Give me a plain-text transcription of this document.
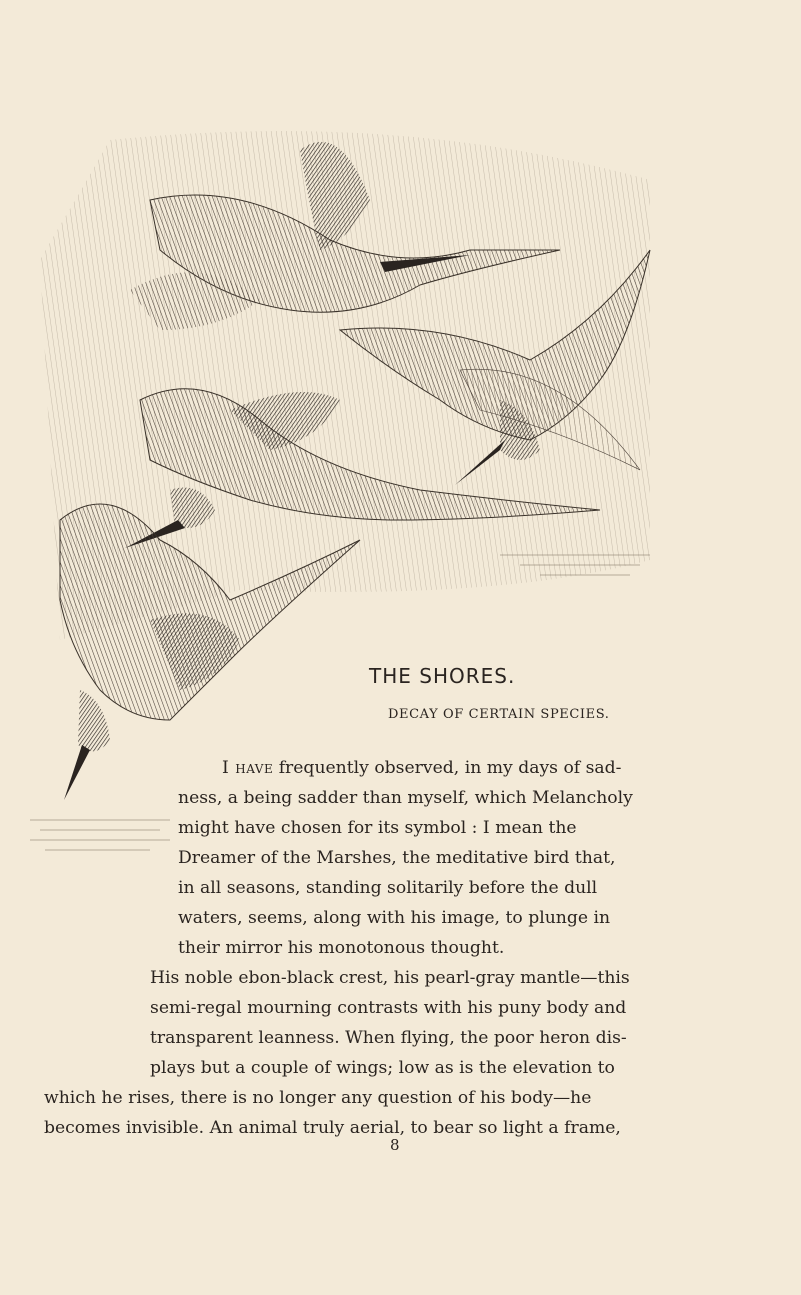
THE SHORES.
DECAY OF CERTAIN SPECIES.
I have frequently observed, in my days of sad-
ness, a being sadder than myself, which Melancholy
might have chosen for its symbol : I mean the
Dreamer of the Marshes, the meditative bird that,
in all seasons, standing solitarily before the dull
waters, seems, along with his image, to plunge in
their mirror his monotonous thought.
His noble ebon-black crest, his pearl-gray mantle—this
semi-regal mourning contrasts with his puny body and
transparent leanness. When flying, the poor heron dis-
plays but a couple of wings; low as is the elevation to
which he rises, there is no longer any question of his body—he
becomes invisible. An animal truly aerial, to bear so light a frame,
8
